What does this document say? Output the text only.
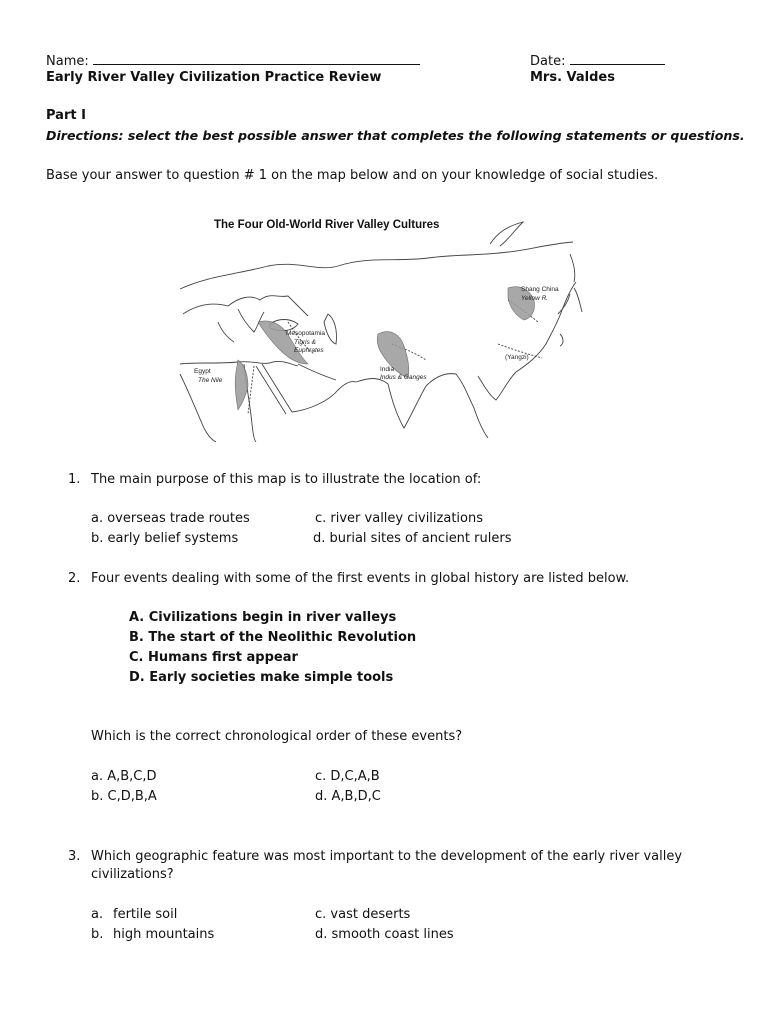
Name:	Date:
Early River Valley Civilization Practice Review	Mrs. Valdes
Part I
Directions: select the best possible answer that completes the following statements or questions.
Base your answer to question # 1 on the map below and on your knowledge of social studies.
The Four Old-World River Valley Cultures
Shang China
Yellow R.
(Yangzi)
Mesopotamia
Tigris &
Euphrates
Egypt
The Nile
India
Indus & Ganges
1. The main purpose of this map is to illustrate the location of:
a. overseas trade routes	c. river valley civilizations
b. early belief systems	d. burial sites of ancient rulers
2. Four events dealing with some of the first events in global history are listed below.
A. Civilizations begin in river valleys
B. The start of the Neolithic Revolution
C. Humans first appear
D. Early societies make simple tools
Which is the correct chronological order of these events?
a. A,B,C,D	c. D,C,A,B
b. C,D,B,A	d. A,B,D,C
3. Which geographic feature was most important to the development of the early river valley
civilizations?
a. fertile soil	c. vast deserts
b. high mountains	d. smooth coast lines
